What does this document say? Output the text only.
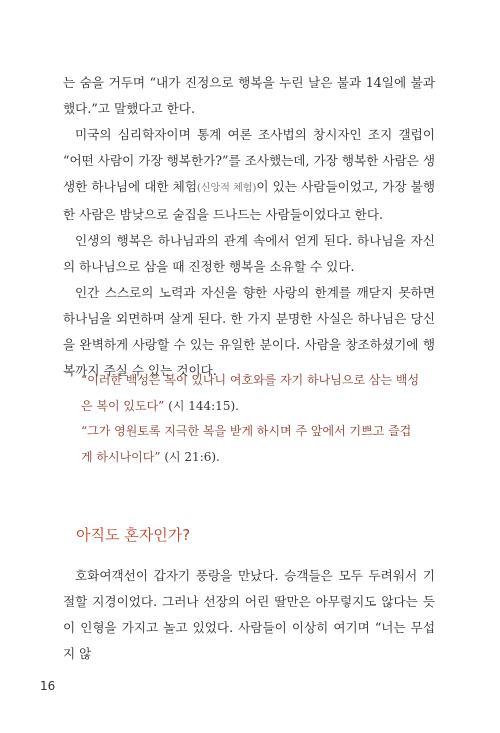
는 숨을 거두며 “내가 진정으로 행복을 누린 날은 불과 14일에 불과했다.”고 말했다고 한다.

미국의 심리학자이며 통계 여론 조사법의 창시자인 조지 갤럽이 “어떤 사람이 가장 행복한가?”를 조사했는데, 가장 행복한 사람은 생생한 하나님에 대한 체험(신앙적 체험)이 있는 사람들이었고, 가장 불행한 사람은 밤낮으로 술집을 드나드는 사람들이었다고 한다.

인생의 행복은 하나님과의 관계 속에서 얻게 된다. 하나님을 자신의 하나님으로 삼을 때 진정한 행복을 소유할 수 있다.

인간 스스로의 노력과 자신을 향한 사랑의 한계를 깨닫지 못하면 하나님을 외면하며 살게 된다. 한 가지 분명한 사실은 하나님은 당신을 완벽하게 사랑할 수 있는 유일한 분이다. 사람을 창조하셨기에 행복까지 주실 수 있는 것이다.

“이러한 백성은 복이 있나니 여호와를 자기 하나님으로 삼는 백성은 복이 있도다” (시 144:15).

“그가 영원토록 지극한 복을 받게 하시며 주 앞에서 기쁘고 즐겁게 하시나이다” (시 21:6).

아직도 혼자인가?

호화여객선이 갑자기 풍랑을 만났다. 승객들은 모두 두려워서 기절할 지경이었다. 그러나 선장의 어린 딸만은 아무렇지도 않다는 듯이 인형을 가지고 놀고 있었다. 사람들이 이상히 여기며 “너는 무섭지 않

16
